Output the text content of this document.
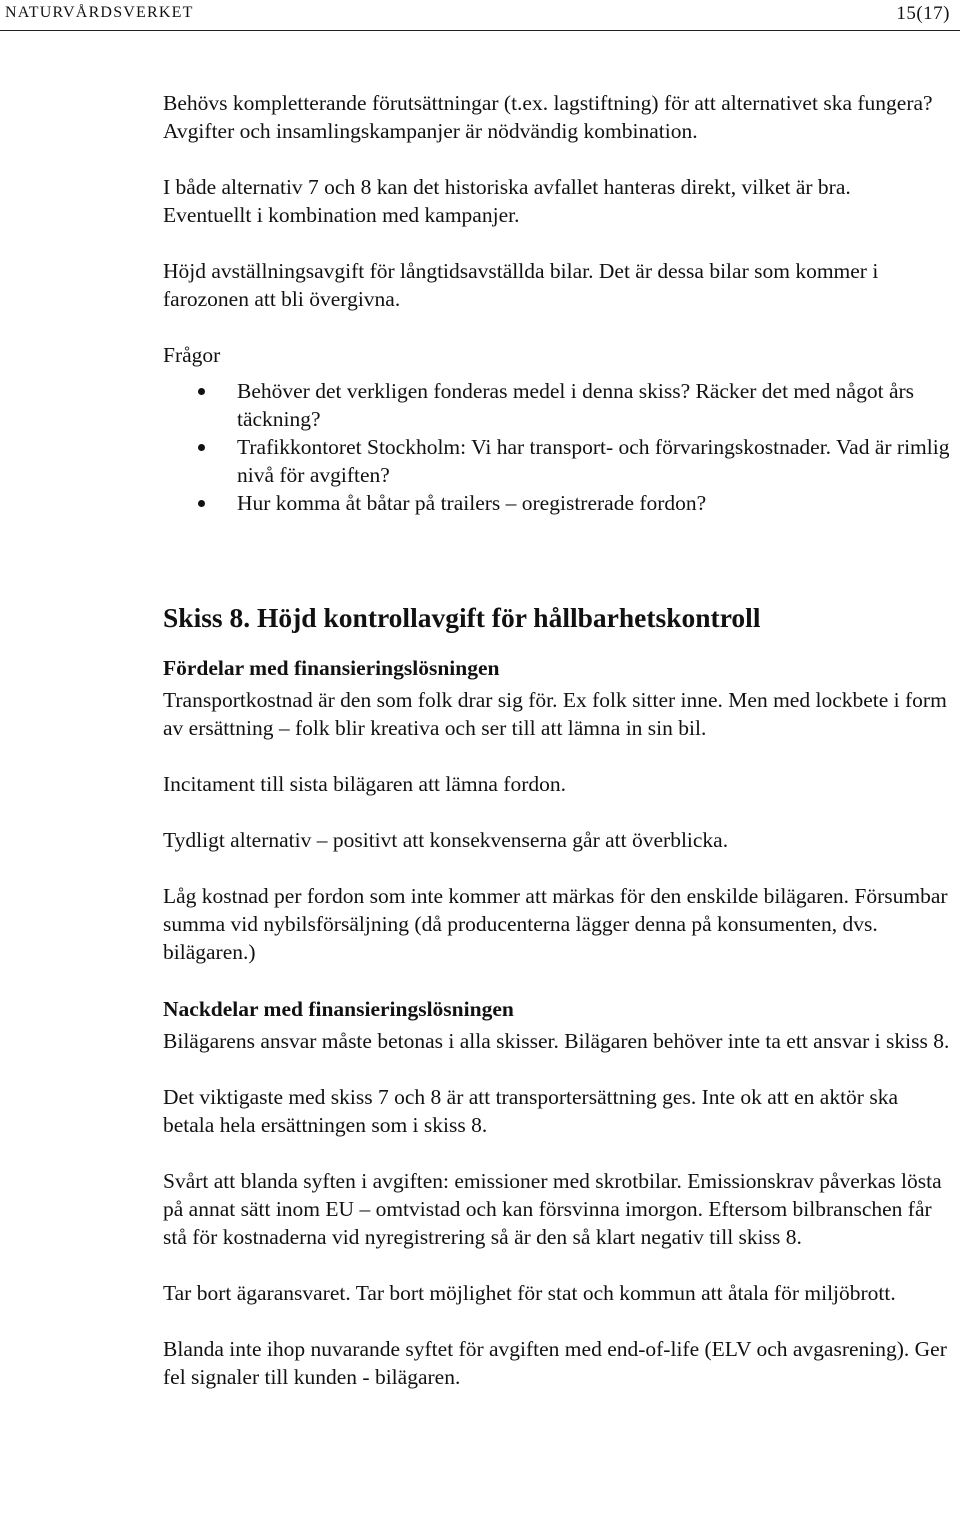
NATURVÅRDSVERKET	15(17)

Behövs kompletterande förutsättningar (t.ex. lagstiftning) för att alternativet ska fungera?

Avgifter och insamlingskampanjer är nödvändig kombination.

I både alternativ 7 och 8 kan det historiska avfallet hanteras direkt, vilket är bra.

Eventuellt i kombination med kampanjer.

Höjd avställningsavgift för långtidsavställda bilar. Det är dessa bilar som kommer i farozonen att bli övergivna.

Frågor

Behöver det verkligen fonderas medel i denna skiss? Räcker det med något års täckning?
Trafikkontoret Stockholm: Vi har transport- och förvaringskostnader. Vad är rimlig nivå för avgiften?
Hur komma åt båtar på trailers – oregistrerade fordon?
Skiss 8. Höjd kontrollavgift för hållbarhetskontroll
Fördelar med finansieringslösningen

Transportkostnad är den som folk drar sig för. Ex folk sitter inne. Men med lockbete i form av ersättning – folk blir kreativa och ser till att lämna in sin bil.

Incitament till sista bilägaren att lämna fordon.

Tydligt alternativ – positivt att konsekvenserna går att överblicka.

Låg kostnad per fordon som inte kommer att märkas för den enskilde bilägaren. Försumbar summa vid nybilsförsäljning (då producenterna lägger denna på konsumenten, dvs. bilägaren.)

Nackdelar med finansieringslösningen

Bilägarens ansvar måste betonas i alla skisser. Bilägaren behöver inte ta ett ansvar i skiss 8.

Det viktigaste med skiss 7 och 8 är att transportersättning ges. Inte ok att en aktör ska betala hela ersättningen som i skiss 8.

Svårt att blanda syften i avgiften: emissioner med skrotbilar. Emissionskrav påverkas lösta på annat sätt inom EU – omtvistad och kan försvinna imorgon. Eftersom bilbranschen får stå för kostnaderna vid nyregistrering så är den så klart negativ till skiss 8.

Tar bort ägaransvaret. Tar bort möjlighet för stat och kommun att åtala för miljöbrott.

Blanda inte ihop nuvarande syftet för avgiften med end-of-life (ELV och avgasrening). Ger fel signaler till kunden - bilägaren.
